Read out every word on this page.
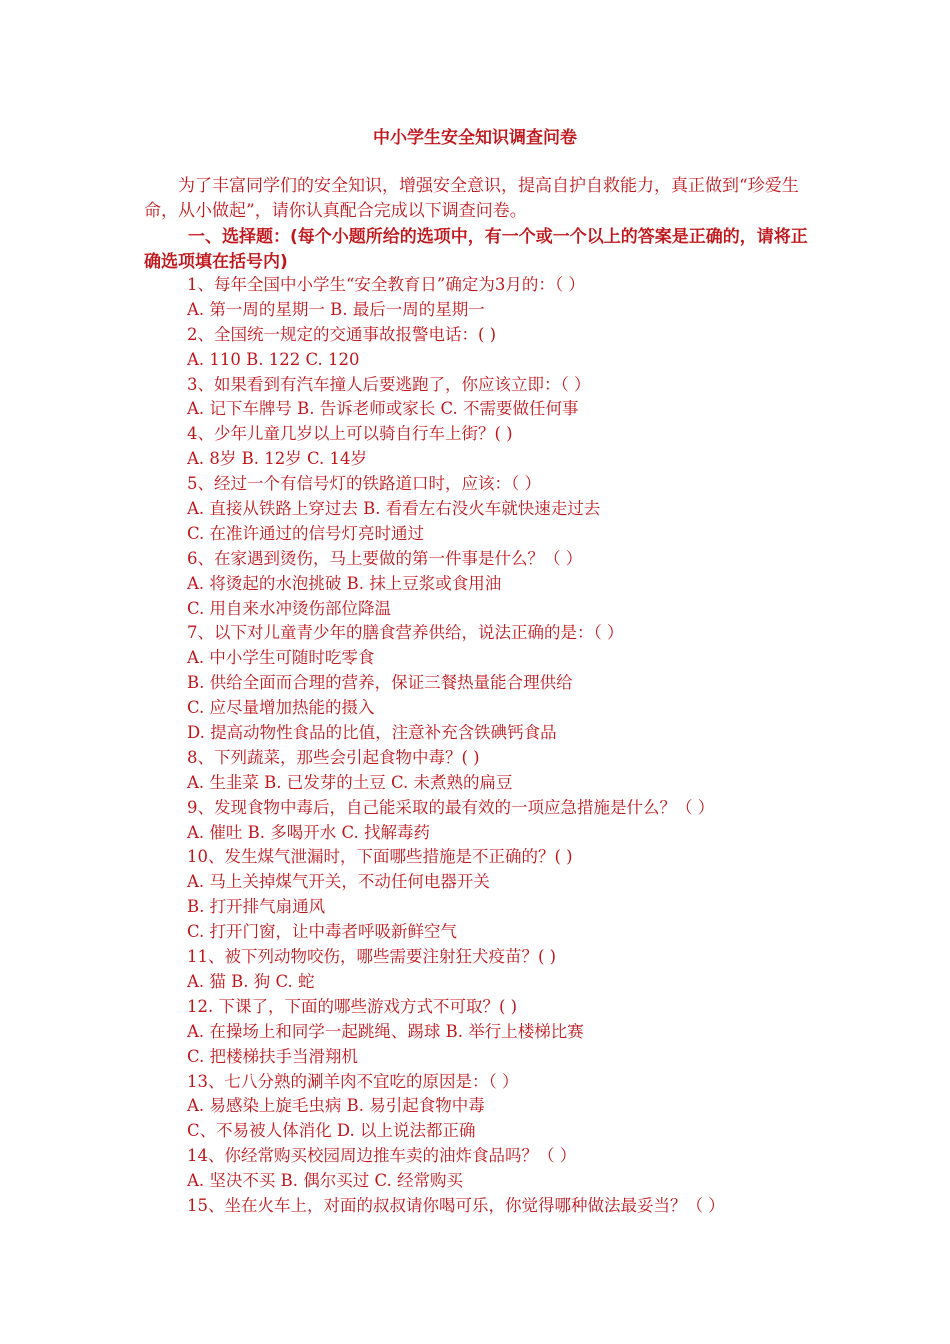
中小学生安全知识调查问卷
为了丰富同学们的安全知识，增强安全意识，提高自护自救能力，真正做到“珍爱生命，从小做起”，请你认真配合完成以下调查问卷。
一、选择题：(每个小题所给的选项中，有一个或一个以上的答案是正确的，请将正确选项填在括号内)
1、每年全国中小学生“安全教育日”确定为3月的：（ ）
A. 第一周的星期一 B. 最后一周的星期一
2、全国统一规定的交通事故报警电话：( )
A. 110 B. 122 C. 120
3、如果看到有汽车撞人后要逃跑了，你应该立即：（ ）
A. 记下车牌号 B. 告诉老师或家长 C. 不需要做任何事
4、少年儿童几岁以上可以骑自行车上街？( )
A. 8岁 B. 12岁 C. 14岁
5、经过一个有信号灯的铁路道口时，应该：（ ）
A. 直接从铁路上穿过去 B. 看看左右没火车就快速走过去
C. 在准许通过的信号灯亮时通过
6、在家遇到烫伤，马上要做的第一件事是什么？（ ）
A. 将烫起的水泡挑破 B. 抹上豆浆或食用油
C. 用自来水冲烫伤部位降温
7、以下对儿童青少年的膳食营养供给，说法正确的是：（ ）
A. 中小学生可随时吃零食
B. 供给全面而合理的营养，保证三餐热量能合理供给
C. 应尽量增加热能的摄入
D. 提高动物性食品的比值，注意补充含铁碘钙食品
8、下列蔬菜，那些会引起食物中毒？( )
A. 生韭菜 B. 已发芽的土豆 C. 未煮熟的扁豆
9、发现食物中毒后，自己能采取的最有效的一项应急措施是什么？（ ）
A. 催吐 B. 多喝开水 C. 找解毒药
10、发生煤气泄漏时，下面哪些措施是不正确的？( )
A. 马上关掉煤气开关，不动任何电器开关
B. 打开排气扇通风
C. 打开门窗，让中毒者呼吸新鲜空气
11、被下列动物咬伤，哪些需要注射狂犬疫苗？( )
A. 猫 B. 狗 C. 蛇
12. 下课了，下面的哪些游戏方式不可取？( )
A. 在操场上和同学一起跳绳、踢球 B. 举行上楼梯比赛
C. 把楼梯扶手当滑翔机
13、七八分熟的涮羊肉不宜吃的原因是：（ ）
A. 易感染上旋毛虫病 B. 易引起食物中毒
C、不易被人体消化 D. 以上说法都正确
14、你经常购买校园周边推车卖的油炸食品吗？（ ）
A. 坚决不买 B. 偶尔买过 C. 经常购买
15、坐在火车上，对面的叔叔请你喝可乐，你觉得哪种做法最妥当？（ ）
